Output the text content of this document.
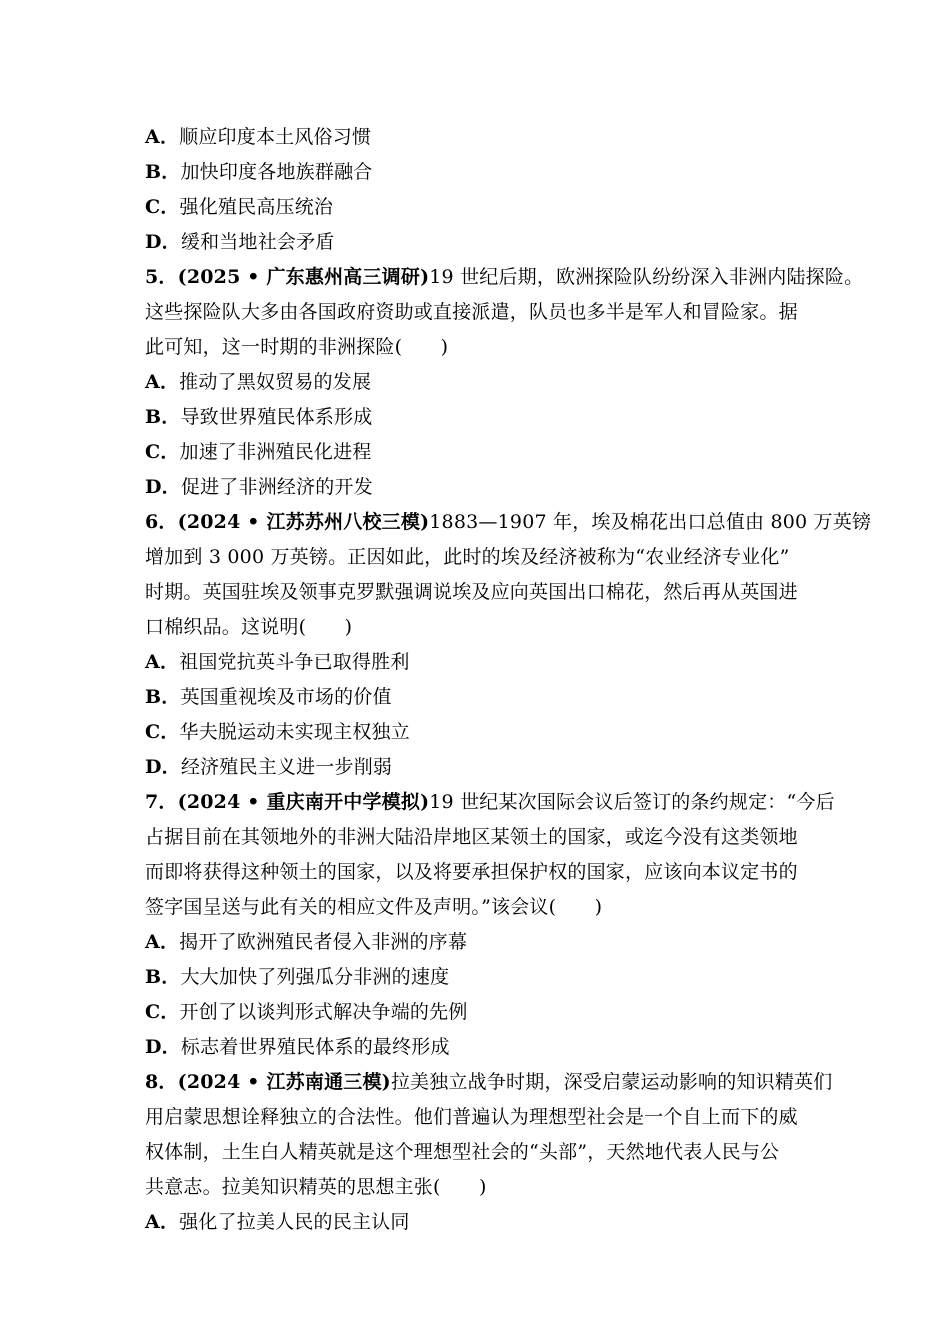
A．顺应印度本土风俗习惯
B．加快印度各地族群融合
C．强化殖民高压统治
D．缓和当地社会矛盾
5．(2025 • 广东惠州高三调研)19 世纪后期，欧洲探险队纷纷深入非洲内陆探险。
这些探险队大多由各国政府资助或直接派遣，队员也多半是军人和冒险家。据
此可知，这一时期的非洲探险(　　)
A．推动了黑奴贸易的发展
B．导致世界殖民体系形成
C．加速了非洲殖民化进程
D．促进了非洲经济的开发
6．(2024 • 江苏苏州八校三模)1883—1907 年，埃及棉花出口总值由 800 万英镑
增加到 3 000 万英镑。正因如此，此时的埃及经济被称为“农业经济专业化”
时期。英国驻埃及领事克罗默强调说埃及应向英国出口棉花，然后再从英国进
口棉织品。这说明(　　)
A．祖国党抗英斗争已取得胜利
B．英国重视埃及市场的价值
C．华夫脱运动未实现主权独立
D．经济殖民主义进一步削弱
7．(2024 • 重庆南开中学模拟)19 世纪某次国际会议后签订的条约规定：“今后
占据目前在其领地外的非洲大陆沿岸地区某领土的国家，或迄今没有这类领地
而即将获得这种领土的国家，以及将要承担保护权的国家，应该向本议定书的
签字国呈送与此有关的相应文件及声明。”该会议(　　)
A．揭开了欧洲殖民者侵入非洲的序幕
B．大大加快了列强瓜分非洲的速度
C．开创了以谈判形式解决争端的先例
D．标志着世界殖民体系的最终形成
8．(2024 • 江苏南通三模)拉美独立战争时期，深受启蒙运动影响的知识精英们
用启蒙思想诠释独立的合法性。他们普遍认为理想型社会是一个自上而下的威
权体制，土生白人精英就是这个理想型社会的“头部”，天然地代表人民与公
共意志。拉美知识精英的思想主张(　　)
A．强化了拉美人民的民主认同
